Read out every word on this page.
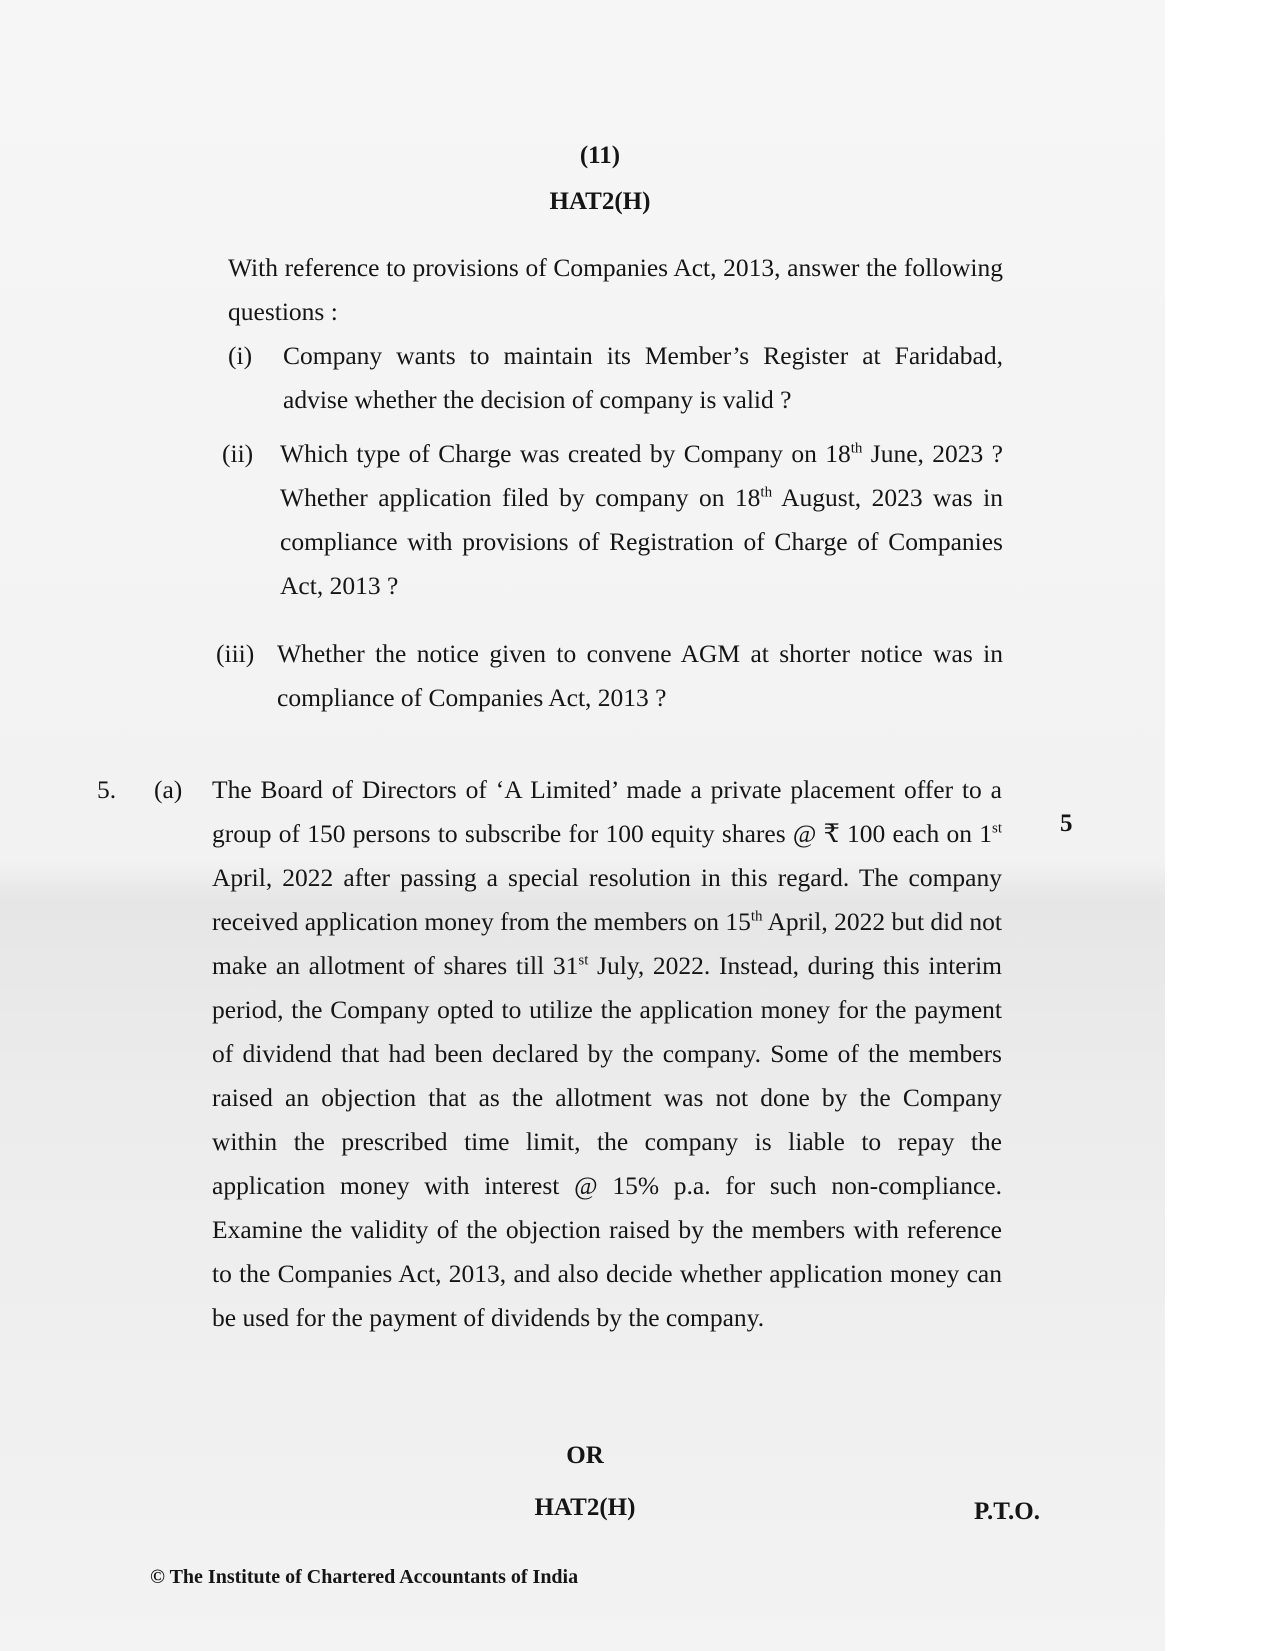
(11)
HAT2(H)

With reference to provisions of Companies Act, 2013, answer the following questions :

(i) Company wants to maintain its Member’s Register at Faridabad, advise whether the decision of company is valid ?

(ii) Which type of Charge was created by Company on 18th June, 2023 ? Whether application filed by company on 18th August, 2023 was in compliance with provisions of Registration of Charge of Companies Act, 2013 ?

(iii) Whether the notice given to convene AGM at shorter notice was in compliance of Companies Act, 2013 ?

5. (a)
5

The Board of Directors of ‘A Limited’ made a private placement offer to a group of 150 persons to subscribe for 100 equity shares @ ₹ 100 each on 1st April, 2022 after passing a special resolution in this regard. The company received application money from the members on 15th April, 2022 but did not make an allotment of shares till 31st July, 2022. Instead, during this interim period, the Company opted to utilize the application money for the payment of dividend that had been declared by the company. Some of the members raised an objection that as the allotment was not done by the Company within the prescribed time limit, the company is liable to repay the application money with interest @ 15% p.a. for such non-compliance. Examine the validity of the objection raised by the members with reference to the Companies Act, 2013, and also decide whether application money can be used for the payment of dividends by the company.

OR
HAT2(H)	P.T.O.
© The Institute of Chartered Accountants of India
